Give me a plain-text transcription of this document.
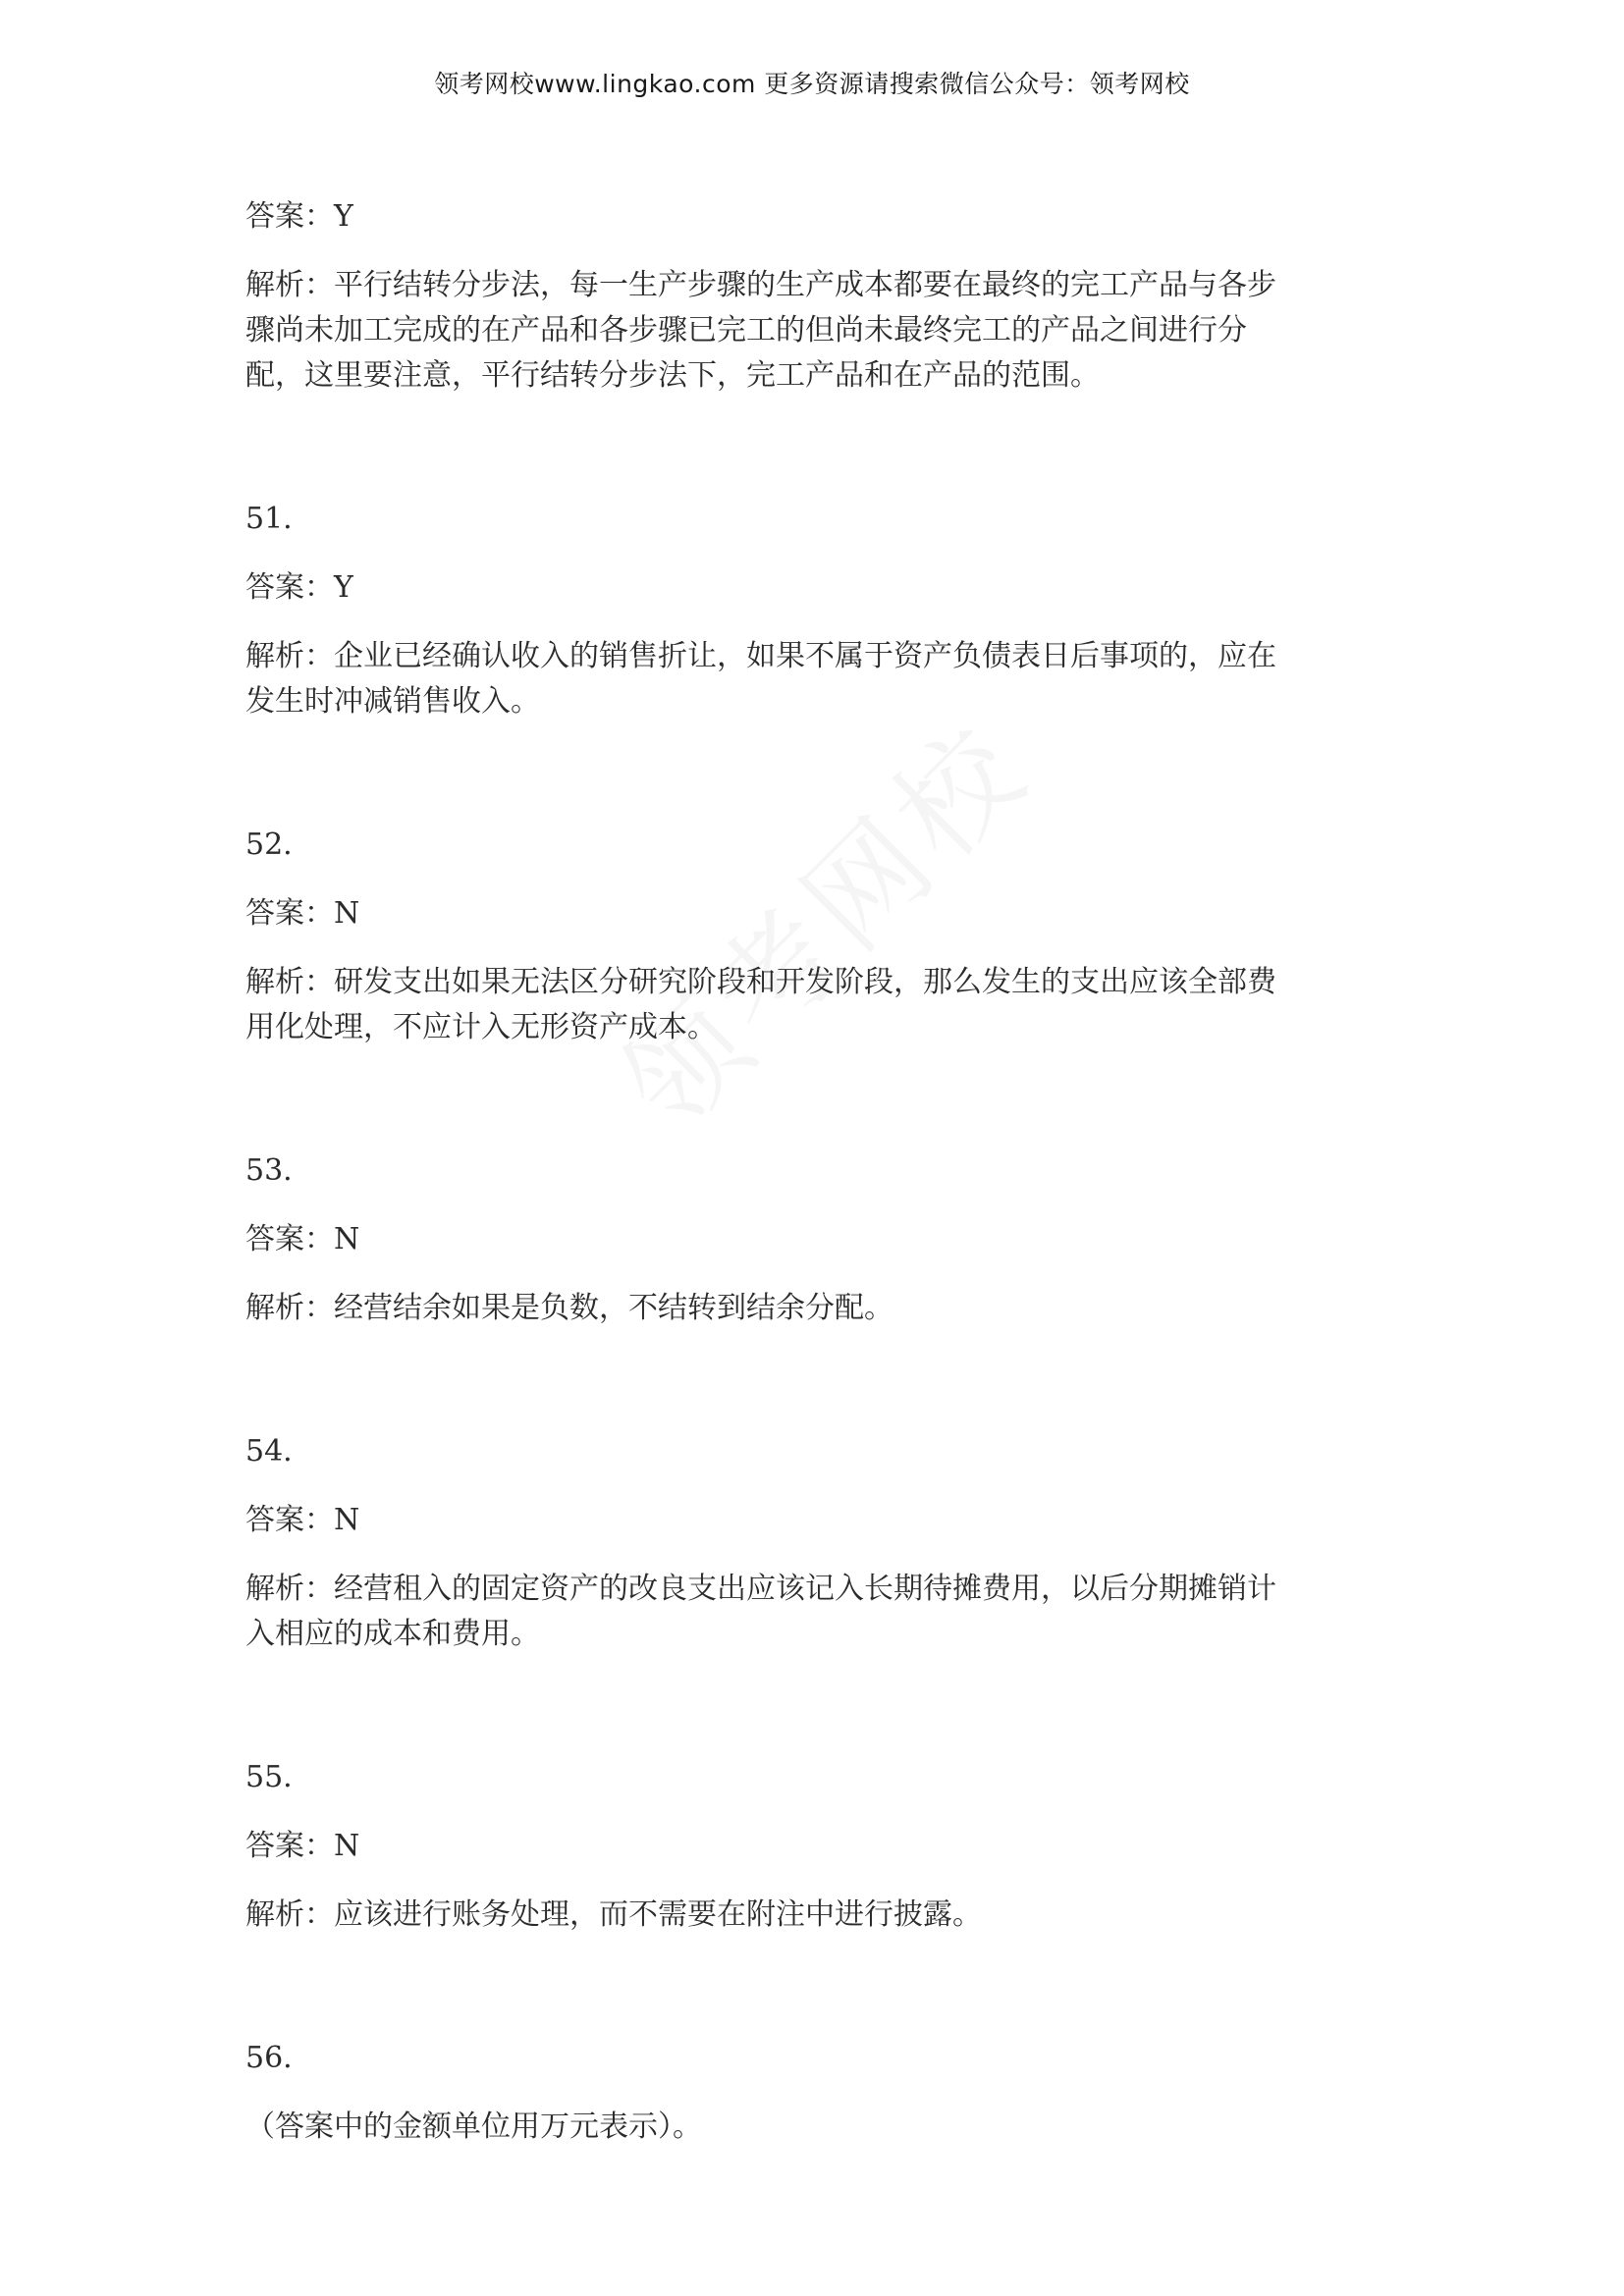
领考网校www.lingkao.com 更多资源请搜索微信公众号：领考网校
答案：Y
解析：平行结转分步法，每一生产步骤的生产成本都要在最终的完工产品与各步
骤尚未加工完成的在产品和各步骤已完工的但尚未最终完工的产品之间进行分
配，这里要注意，平行结转分步法下，完工产品和在产品的范围。
51.
答案：Y
解析：企业已经确认收入的销售折让，如果不属于资产负债表日后事项的，应在
发生时冲减销售收入。
52.
答案：N
解析：研发支出如果无法区分研究阶段和开发阶段，那么发生的支出应该全部费
用化处理，不应计入无形资产成本。
53.
答案：N
解析：经营结余如果是负数，不结转到结余分配。
54.
答案：N
解析：经营租入的固定资产的改良支出应该记入长期待摊费用，以后分期摊销计
入相应的成本和费用。
55.
答案：N
解析：应该进行账务处理，而不需要在附注中进行披露。
56.
（答案中的金额单位用万元表示）。
